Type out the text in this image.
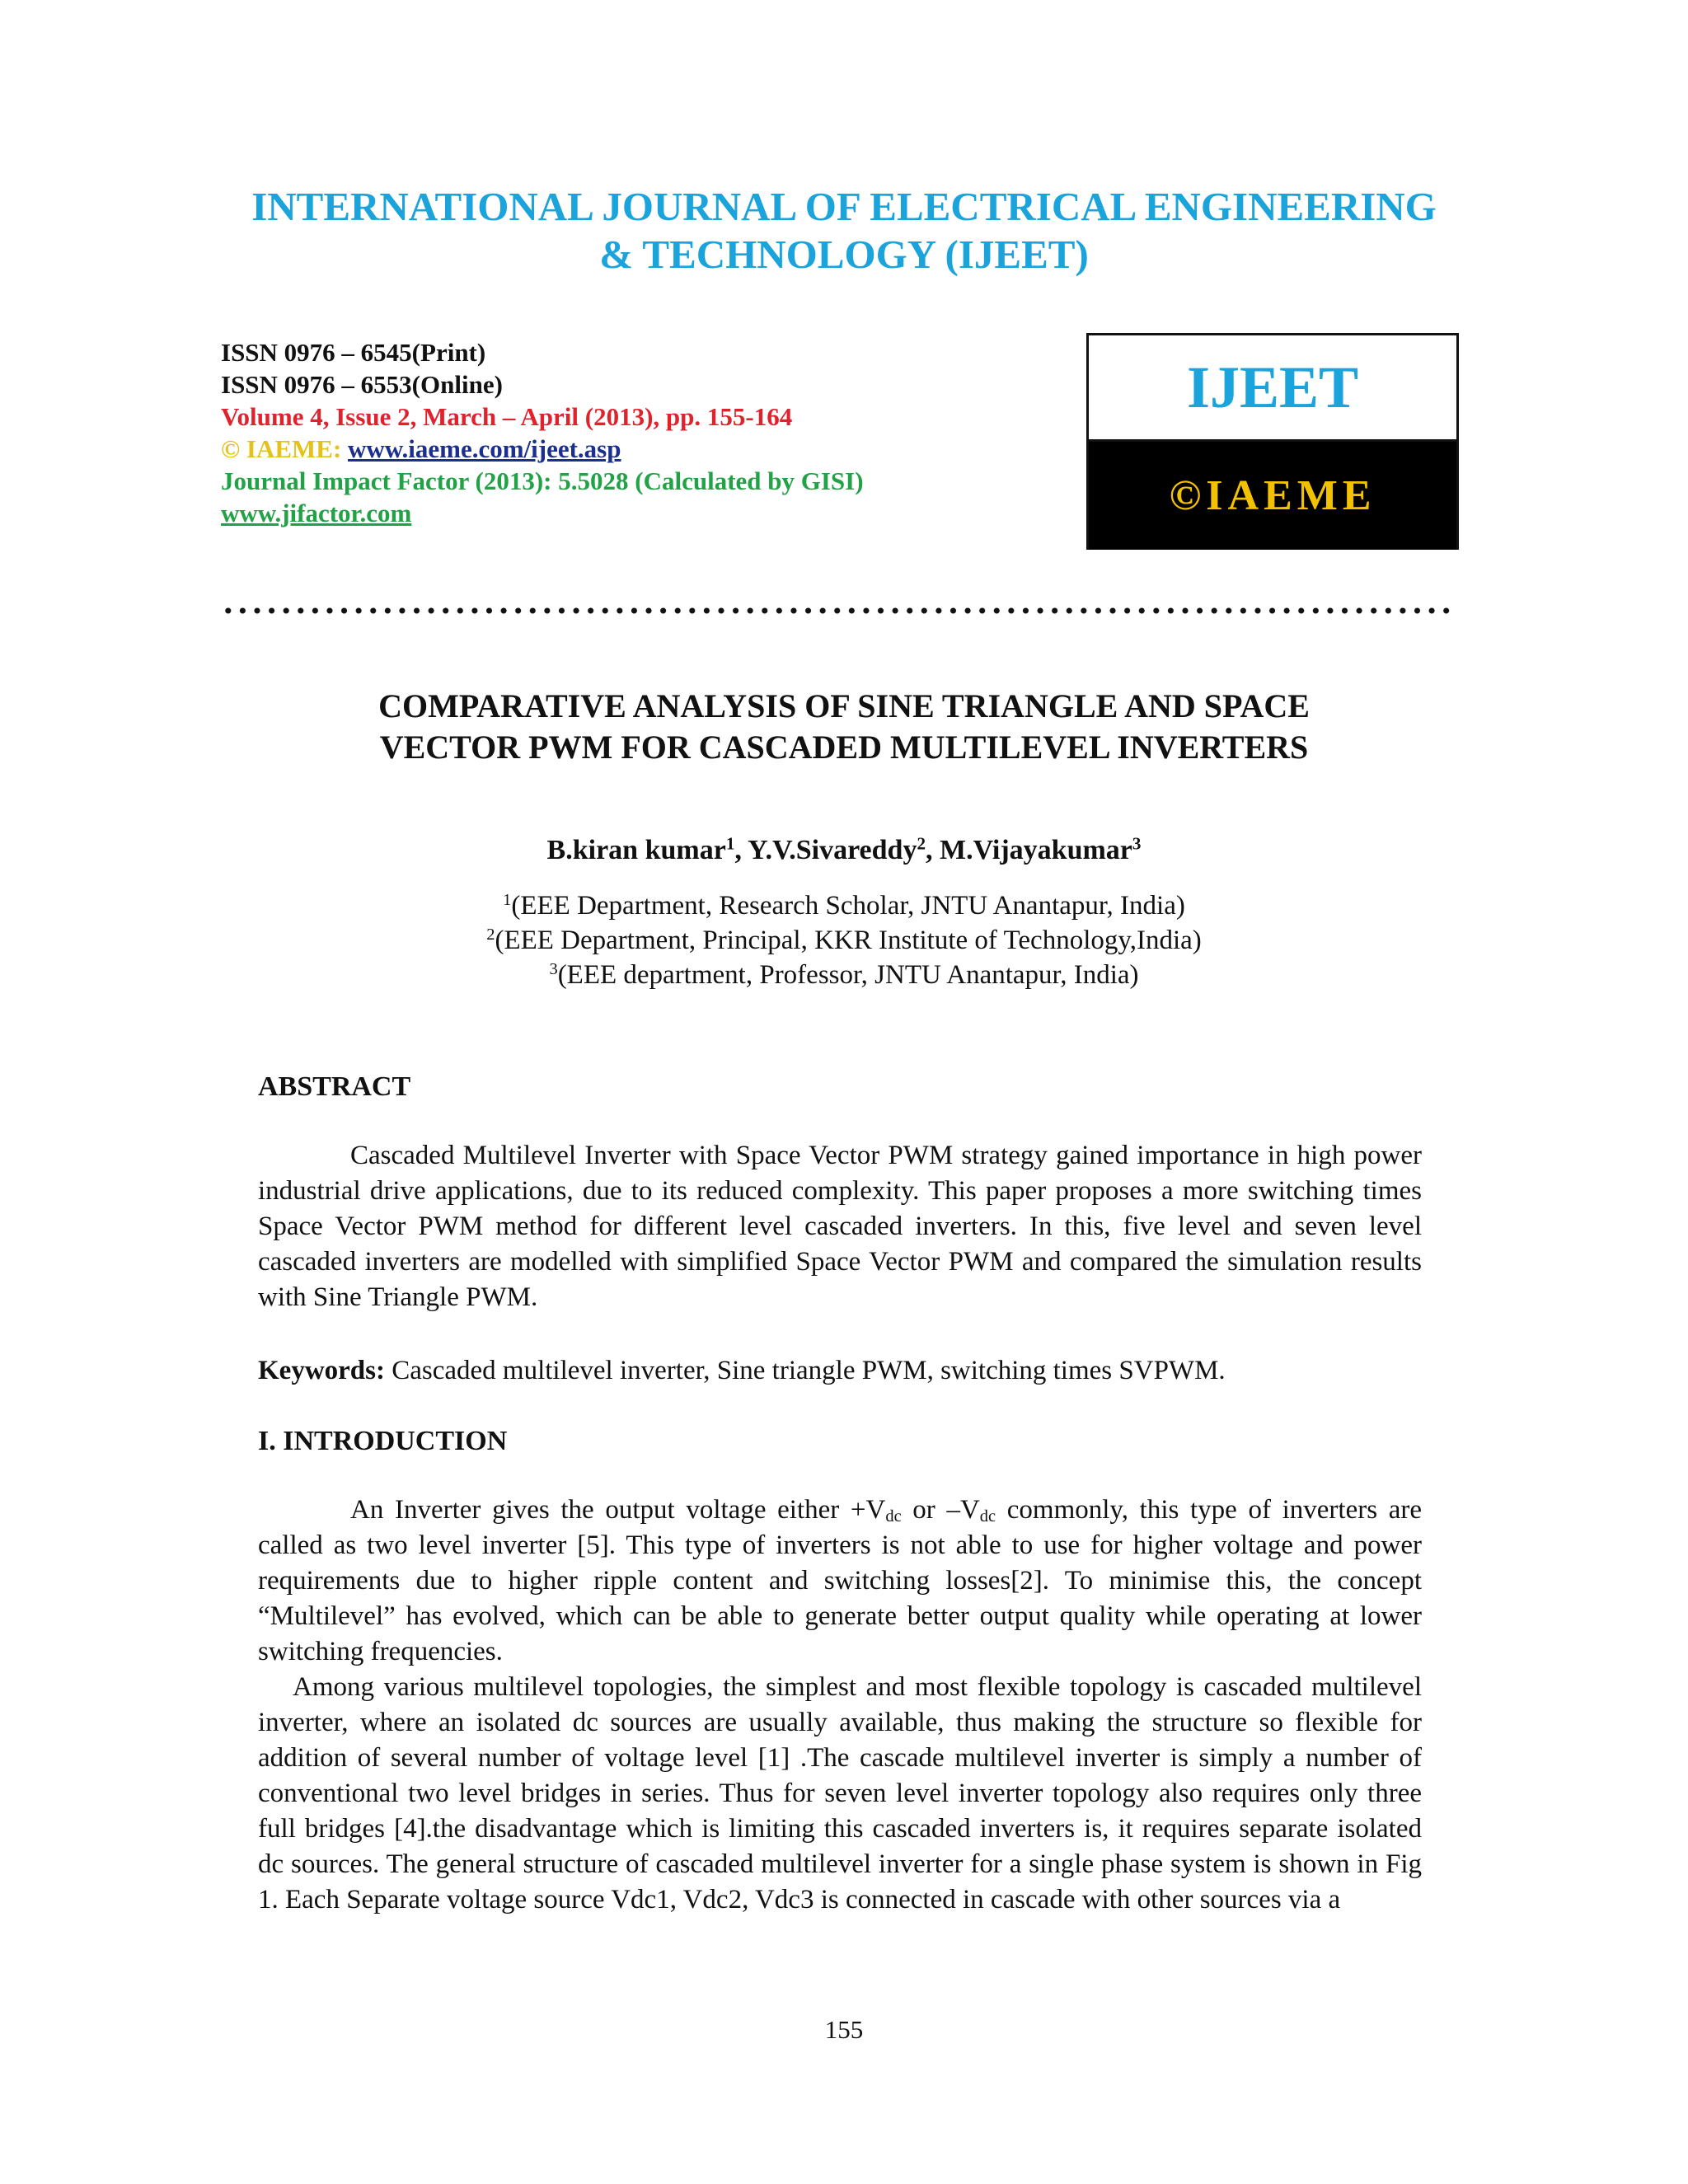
INTERNATIONAL JOURNAL OF ELECTRICAL ENGINEERING
& TECHNOLOGY (IJEET)
ISSN 0976 – 6545(Print)
ISSN 0976 – 6553(Online)
Volume 4, Issue 2, March – April (2013), pp. 155-164
© IAEME: www.iaeme.com/ijeet.asp
Journal Impact Factor (2013): 5.5028 (Calculated by GISI)
www.jifactor.com
IJEET
©IAEME
COMPARATIVE ANALYSIS OF SINE TRIANGLE AND SPACE
VECTOR PWM FOR CASCADED MULTILEVEL INVERTERS
B.kiran kumar$^1$, Y.V.Sivareddy$^2$, M.Vijayakumar$^3$
$^1$(EEE Department, Research Scholar, JNTU Anantapur, India)
$^2$(EEE Department, Principal, KKR Institute of Technology,India)
$^3$(EEE department, Professor, JNTU Anantapur, India)
ABSTRACT

Cascaded Multilevel Inverter with Space Vector PWM strategy gained importance in high power industrial drive applications, due to its reduced complexity. This paper proposes a more switching times Space Vector PWM method for different level cascaded inverters. In this, five level and seven level cascaded inverters are modelled with simplified Space Vector PWM and compared the simulation results with Sine Triangle PWM.

Keywords: Cascaded multilevel inverter, Sine triangle PWM, switching times SVPWM.
I. INTRODUCTION

An Inverter gives the output voltage either $+V_{dc}$ or $-V_{dc}$ commonly, this type of inverters are called as two level inverter [5]. This type of inverters is not able to use for higher voltage and power requirements due to higher ripple content and switching losses[2]. To minimise this, the concept “Multilevel” has evolved, which can be able to generate better output quality while operating at lower switching frequencies.

Among various multilevel topologies, the simplest and most flexible topology is cascaded multilevel inverter, where an isolated dc sources are usually available, thus making the structure so flexible for addition of several number of voltage level [1] .The cascade multilevel inverter is simply a number of conventional two level bridges in series. Thus for seven level inverter topology also requires only three full bridges [4].the disadvantage which is limiting this cascaded inverters is, it requires separate isolated dc sources. The general structure of cascaded multilevel inverter for a single phase system is shown in Fig 1. Each Separate voltage source Vdc1, Vdc2, Vdc3 is connected in cascade with other sources via a

155
